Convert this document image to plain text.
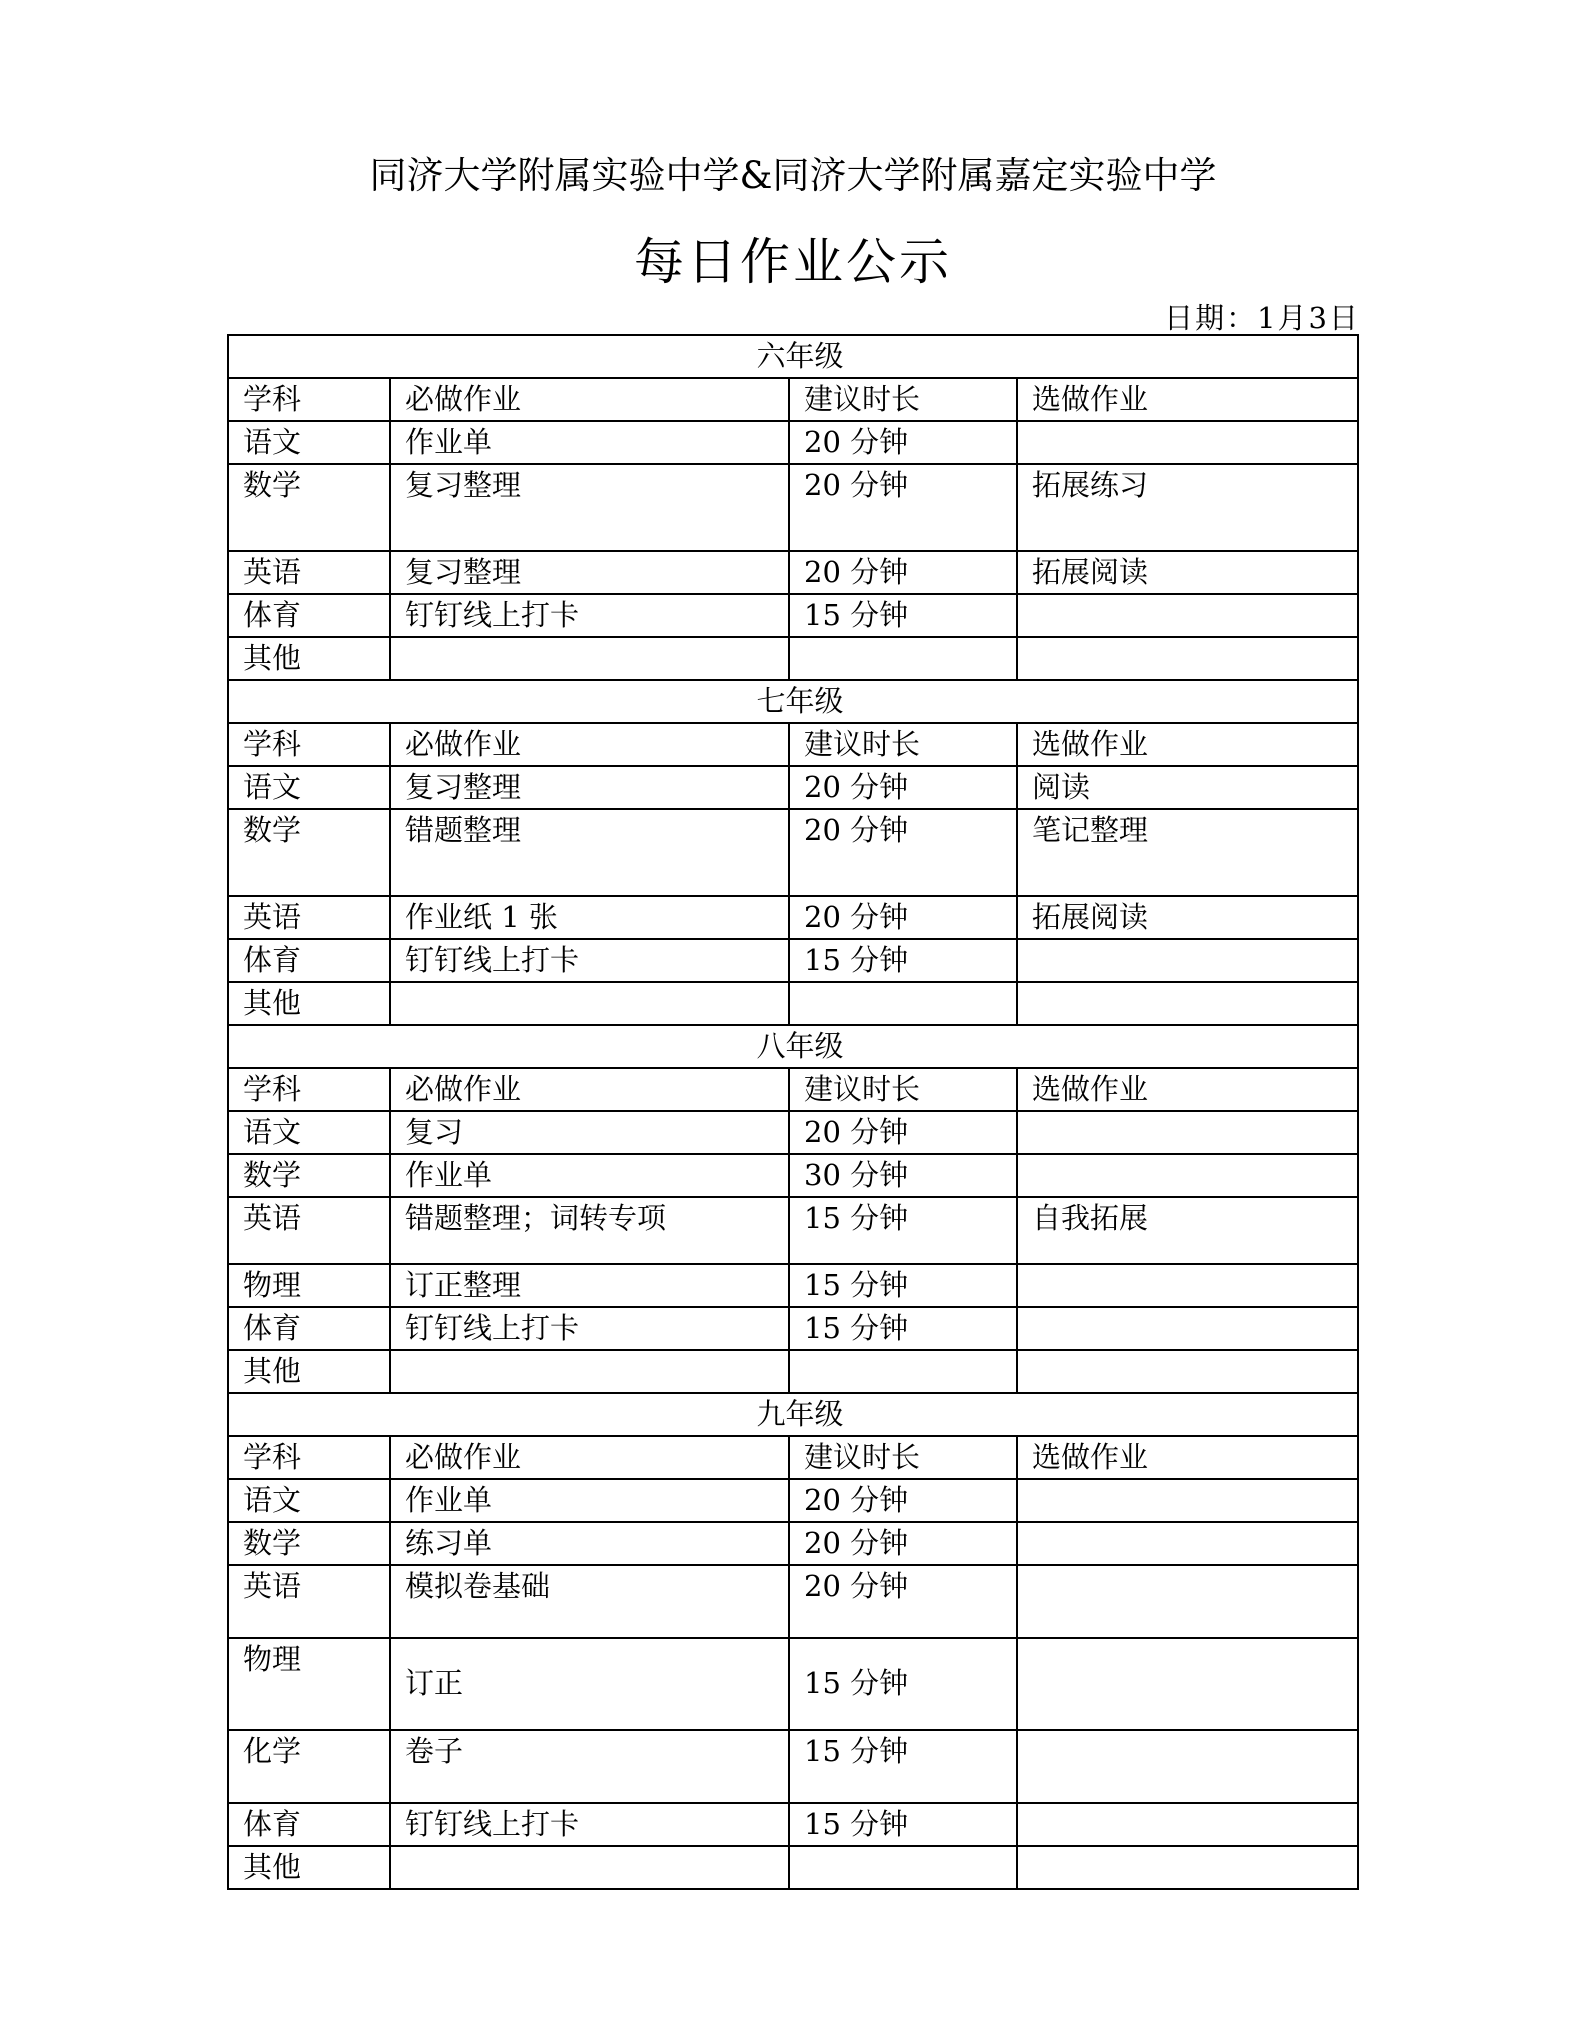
同济大学附属实验中学&同济大学附属嘉定实验中学
每日作业公示
日期：1月3日
六年级			
学科	必做作业	建议时长	选做作业
语文	作业单	20 分钟	
数学	复习整理	20 分钟	拓展练习
英语	复习整理	20 分钟	拓展阅读
体育	钉钉线上打卡	15 分钟	
其他			
七年级			
学科	必做作业	建议时长	选做作业
语文	复习整理	20 分钟	阅读
数学	错题整理	20 分钟	笔记整理
英语	作业纸 1 张	20 分钟	拓展阅读
体育	钉钉线上打卡	15 分钟	
其他			
八年级			
学科	必做作业	建议时长	选做作业
语文	复习	20 分钟	
数学	作业单	30 分钟	
英语	错题整理；词转专项	15 分钟	自我拓展
物理	订正整理	15 分钟	
体育	钉钉线上打卡	15 分钟	
其他			
九年级			
学科	必做作业	建议时长	选做作业
语文	作业单	20 分钟	
数学	练习单	20 分钟	
英语	模拟卷基础	20 分钟	
物理	订正	15 分钟	
化学	卷子	15 分钟	
体育	钉钉线上打卡	15 分钟	
其他			
